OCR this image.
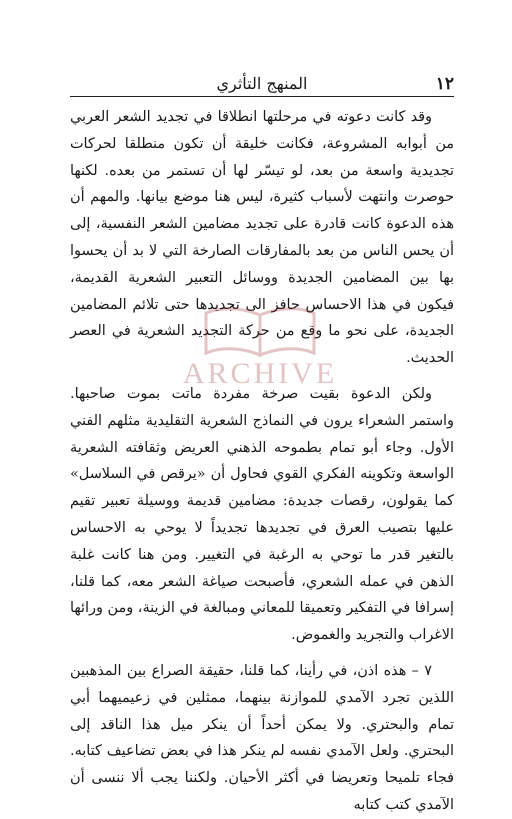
١٢
المنهج التأثري

وقد كانت دعوته في مرحلتها انطلاقا في تجديد الشعر العربي من أبوابه المشروعة، فكانت خليقة أن تكون منطلقا لحركات تجديدية واسعة من بعد، لو تيسّر لها أن تستمر من بعده. لكنها حوصرت وانتهت لأسباب كثيرة، ليس هنا موضع بيانها. والمهم أن هذه الدعوة كانت قادرة على تجديد مضامين الشعر النفسية، إلى أن يحس الناس من بعد بالمفارقات الصارخة التي لا بد أن يحسوا بها بين المضامين الجديدة ووسائل التعبير الشعرية القديمة، فيكون في هذا الاحساس حافز الى تجديدها حتى تلائم المضامين الجديدة، على نحو ما وقع من حركة التجديد الشعرية في العصر الحديث.

ولكن الدعوة بقيت صرخة مفردة ماتت بموت صاحبها. واستمر الشعراء يرون في النماذج الشعرية التقليدية مثلهم الفني الأول. وجاء أبو تمام بطموحه الذهني العريض وثقافته الشعرية الواسعة وتكوينه الفكري القوي فحاول أن «يرقص في السلاسل» كما يقولون، رقصات جديدة: مضامين قديمة ووسيلة تعبير تقيم عليها بتصيب العرق في تجديدها تجديداً لا يوحي به الاحساس بالتغير قدر ما توحي به الرغبة في التغيير. ومن هنا كانت غلبة الذهن في عمله الشعري، فأصبحت صياغة الشعر معه، كما قلنا، إسرافا في التفكير وتعميقا للمعاني ومبالغة في الزينة، ومن ورائها الاغراب والتجريد والغموض.

٧ – هذه اذن، في رأينا، كما قلنا، حقيقة الصراع بين المذهبين اللذين تجرد الآمدي للموازنة بينهما، ممثلين في زعيميهما أبي تمام والبحتري. ولا يمكن أحداً أن ينكر ميل هذا الناقد إلى البحتري. ولعل الآمدي نفسه لم ينكر هذا في بعض تضاعيف كتابه. فجاء تلميحا وتعريضا في أكثر الأحيان. ولكننا يجب ألا ننسى أن الآمدي كتب كتابه

ARCHIVE
